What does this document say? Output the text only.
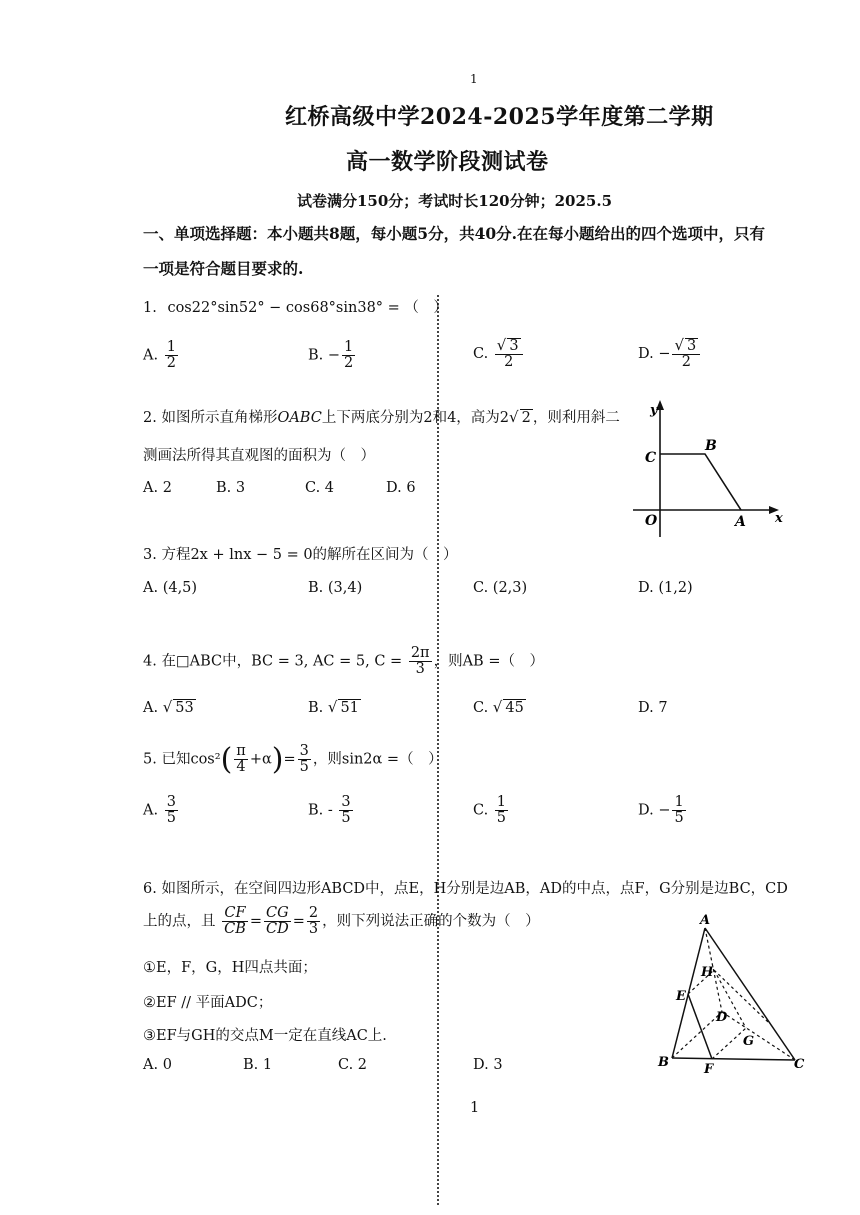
1
红桥高级中学2024-2025学年度第二学期
高一数学阶段测试卷
试卷满分150分；考试时长120分钟；2025.5
一、单项选择题：本小题共8题，每小题5分，共40分.在在每小题给出的四个选项中，只有
一项是符合题目要求的.
1. cos22°sin52° − cos68°sin38° = （　）
A. $\frac{1}{2}$	B. − $\frac{1}{2}$	C. $\frac{√ 3}{2}$	D. − $\frac{√ 3}{2}$
2. 如图所示直角梯形OABC上下两底分别为2和4，高为2√ 2 ，则利用斜二
测画法所得其直观图的面积为（　）
A. 2	B. 3	C. 4	D. 6
y
x
C
B
O	A
3. 方程2x + lnx − 5 = 0的解所在区间为（　）
A. (4,5)	B. (3,4)	C. (2,3)	D. (1,2)
4. 在□ABC中，BC = 3, AC = 5, $C = \frac{2\pi}{3}$ ，则AB =（　）
A. √ 53	B. √ 51	C. √ 45	D. 7
5. 已知$\cos^2( \frac{\pi}{4} +\alpha)= \frac{3}{5}$ ，则sin2α =（　）
A. $\frac{3}{5}$	B. - $\frac{3}{5}$	C. $\frac{1}{5}$	D. − $\frac{1}{5}$
6. 如图所示，在空间四边形ABCD中，点E，H分别是边AB，AD的中点，点F，G分别是边BC，CD
上的点，且 $\frac{CF}{CB} = \frac{CG}{CD} = \frac{2}{3}$ ，则下列说法正确的个数为（　）
①E，F，G，H四点共面；
②EF // 平面ADC；
③EF与GH的交点M一定在直线AC上.
A. 0	B. 1	C. 2	D. 3
A
H
E
D
G
B	F	C
1
